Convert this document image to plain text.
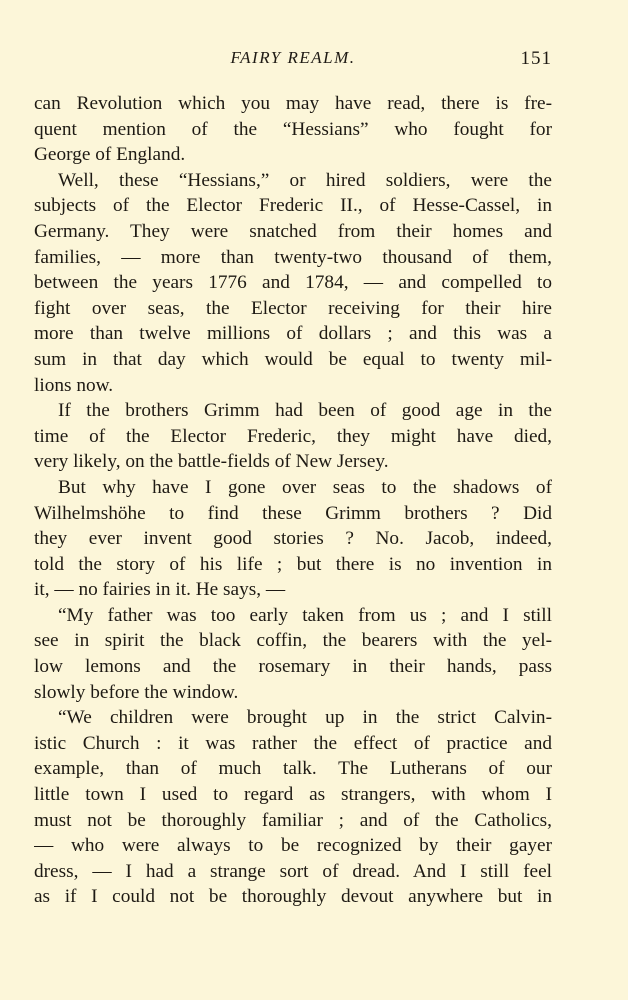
FAIRY REALM.	151
can Revolution which you may have read, there is fre-
quent mention of the “Hessians” who fought for
George of England.
Well, these “Hessians,” or hired soldiers, were the
subjects of the Elector Frederic II., of Hesse-Cassel, in
Germany. They were snatched from their homes and
families, — more than twenty-two thousand of them,
between the years 1776 and 1784, — and compelled to
fight over seas, the Elector receiving for their hire
more than twelve millions of dollars ; and this was a
sum in that day which would be equal to twenty mil-
lions now.
If the brothers Grimm had been of good age in the
time of the Elector Frederic, they might have died,
very likely, on the battle-fields of New Jersey.
But why have I gone over seas to the shadows of
Wilhelmshöhe to find these Grimm brothers ? Did
they ever invent good stories ? No. Jacob, indeed,
told the story of his life ; but there is no invention in
it, — no fairies in it. He says, —
“My father was too early taken from us ; and I still
see in spirit the black coffin, the bearers with the yel-
low lemons and the rosemary in their hands, pass
slowly before the window.
“We children were brought up in the strict Calvin-
istic Church : it was rather the effect of practice and
example, than of much talk. The Lutherans of our
little town I used to regard as strangers, with whom I
must not be thoroughly familiar ; and of the Catholics,
— who were always to be recognized by their gayer
dress, — I had a strange sort of dread. And I still feel
as if I could not be thoroughly devout anywhere but in
